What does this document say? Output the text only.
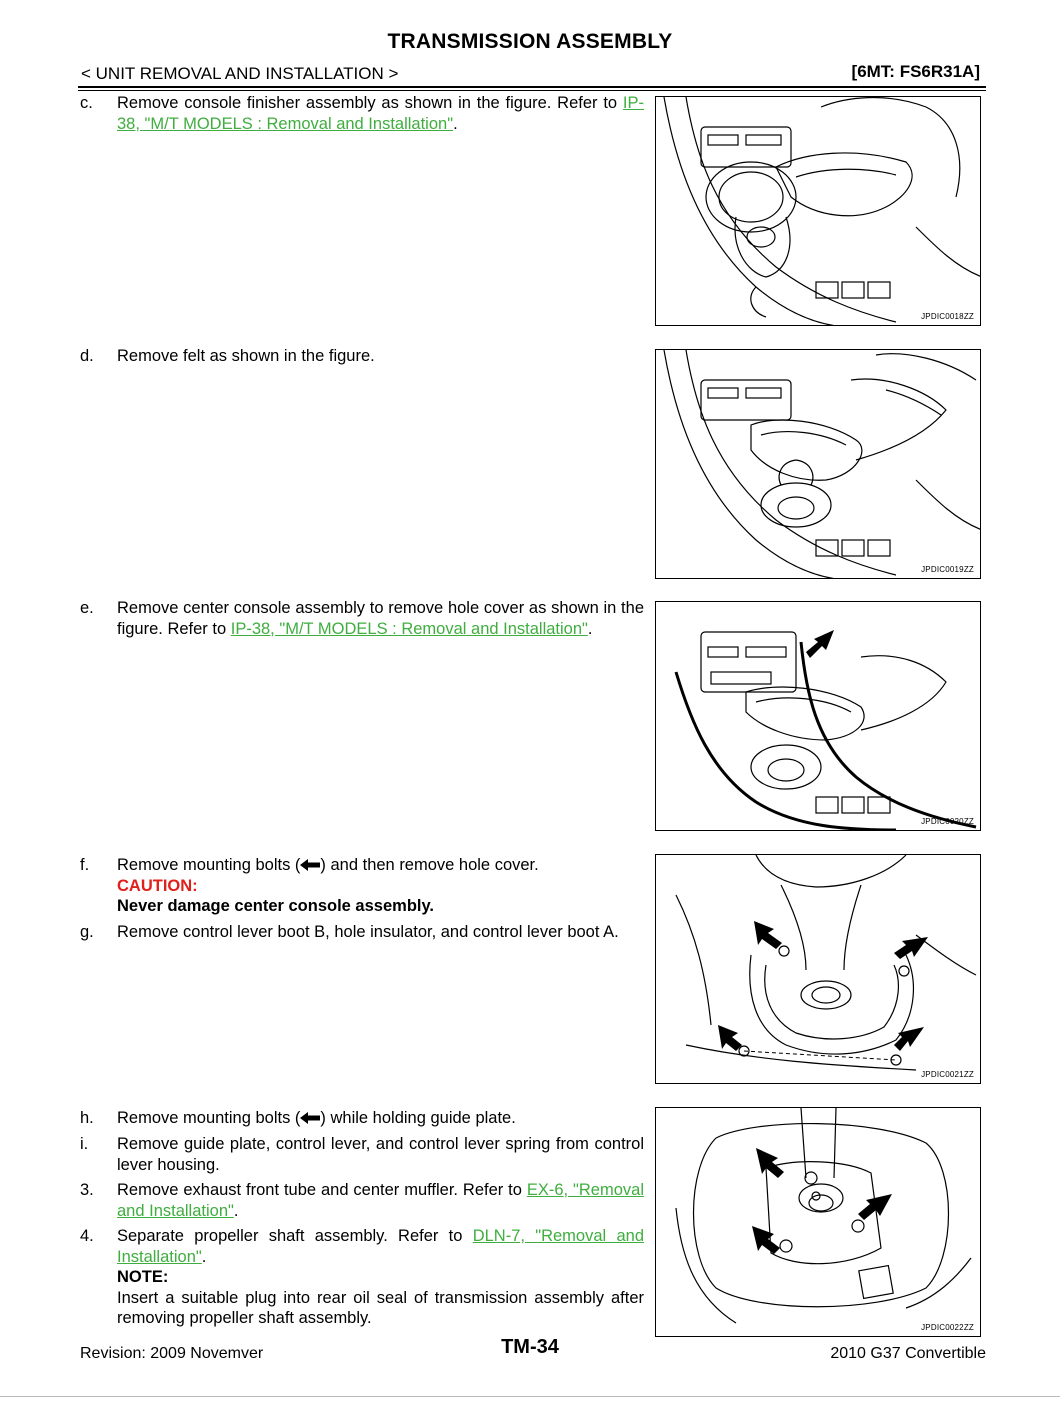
TRANSMISSION ASSEMBLY
< UNIT REMOVAL AND INSTALLATION >	[6MT: FS6R31A]
c. Remove console finisher assembly as shown in the figure. Refer to IP-38, "M/T MODELS : Removal and Installation".
d. Remove felt as shown in the figure.
e. Remove center console assembly to remove hole cover as shown in the figure. Refer to IP-38, "M/T MODELS : Removal and Installation".
f. Remove mounting bolts ( ) and then remove hole cover.
CAUTION:
Never damage center console assembly.
g. Remove control lever boot B, hole insulator, and control lever boot A.
h. Remove mounting bolts ( ) while holding guide plate.
i. Remove guide plate, control lever, and control lever spring from control lever housing.
3. Remove exhaust front tube and center muffler. Refer to EX-6, "Removal and Installation".
4. Separate propeller shaft assembly. Refer to DLN-7, "Removal and Installation".
NOTE:
Insert a suitable plug into rear oil seal of transmission assembly after removing propeller shaft assembly.
JPDIC0018ZZ
JPDIC0019ZZ
JPDIC0020ZZ
JPDIC0021ZZ
JPDIC0022ZZ
Revision: 2009 Novemver	TM-34	2010 G37 Convertible
